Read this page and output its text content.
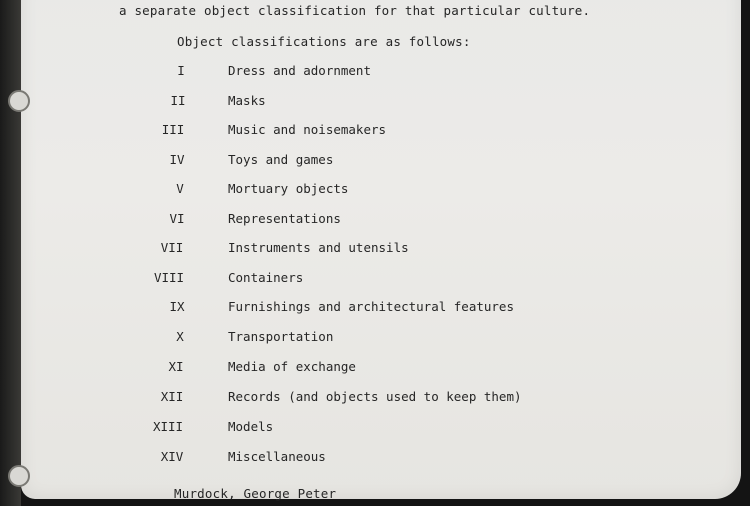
a separate object classification for that particular culture.
Object classifications are as follows:
I	Dress and adornment
II	Masks
III	Music and noisemakers
IV	Toys and games
V	Mortuary objects
VI	Representations
VII	Instruments and utensils
VIII	Containers
IX	Furnishings and architectural features
X	Transportation
XI	Media of exchange
XII	Records (and objects used to keep them)
XIII	Models
XIV	Miscellaneous
Murdock, George Peter
